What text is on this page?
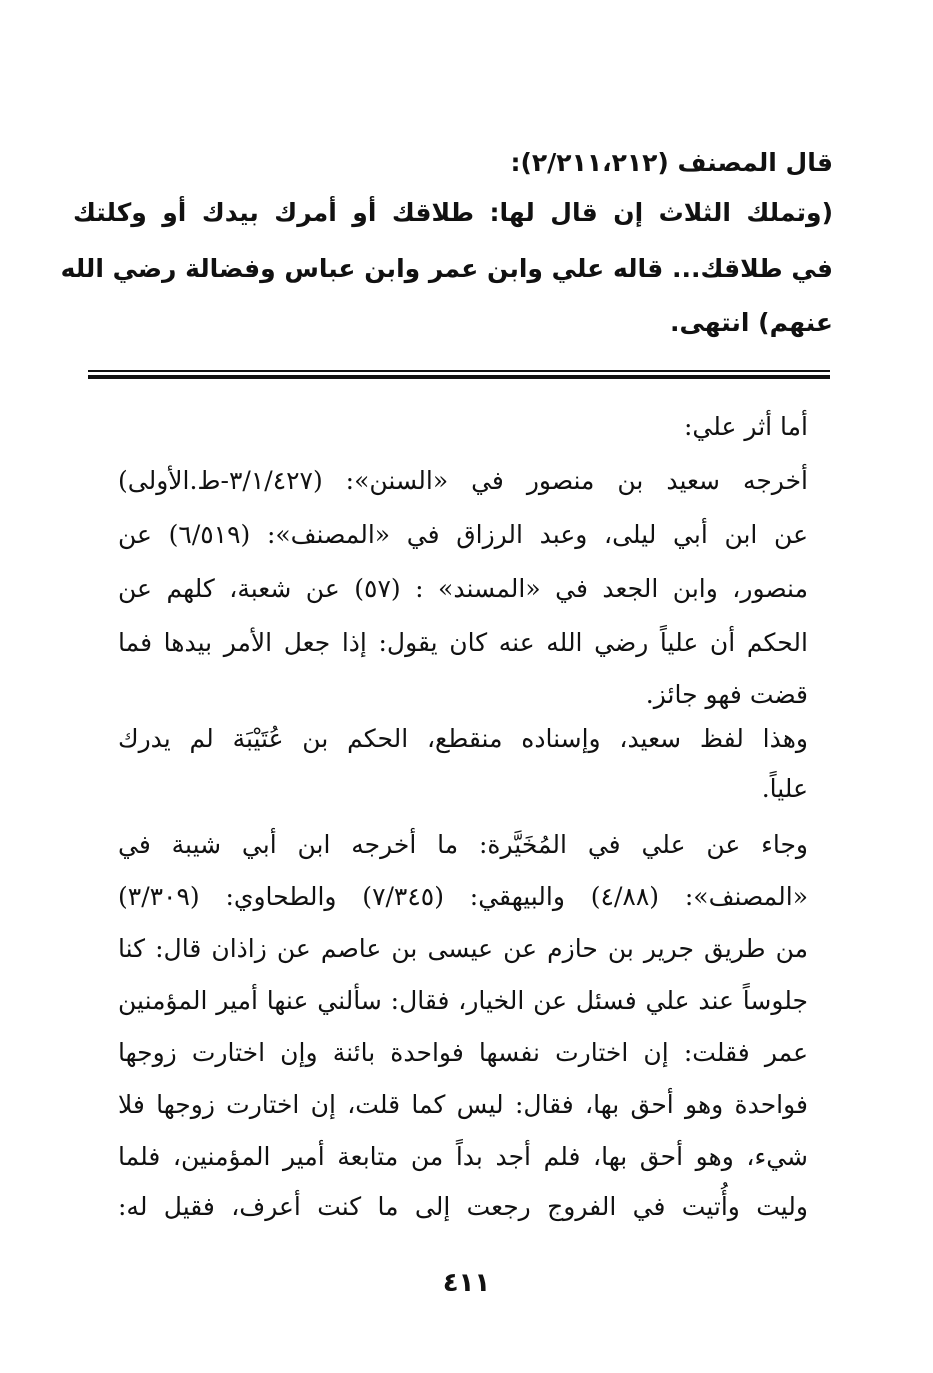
قال المصنف (٢/٢١١،٢١٢):
(وتملك الثلاث إن قال لها: طلاقك أو أمرك بيدك أو وكلتك
في طلاقك... قاله علي وابن عمر وابن عباس وفضالة رضي الله
عنهم) انتهى.
أما أثر علي:
أخرجه سعيد بن منصور في «السنن»: (٣/١/٤٢٧-ط.الأولى)
عن ابن أبي ليلى، وعبد الرزاق في «المصنف»: (٦/٥١٩) عن
منصور، وابن الجعد في «المسند» : (٥٧) عن شعبة، كلهم عن
الحكم أن علياً رضي الله عنه كان يقول: إذا جعل الأمر بيدها فما
قضت فهو جائز.
وهذا لفظ سعيد، وإسناده منقطع، الحكم بن عُتَيْبَة لم يدرك
علياً.
وجاء عن علي في المُخَيَّرة: ما أخرجه ابن أبي شيبة في
«المصنف»: (٤/٨٨) والبيهقي: (٧/٣٤٥) والطحاوي: (٣/٣٠٩)
من طريق جرير بن حازم عن عيسى بن عاصم عن زاذان قال: كنا
جلوساً عند علي فسئل عن الخيار، فقال: سألني عنها أمير المؤمنين
عمر فقلت: إن اختارت نفسها فواحدة بائنة وإن اختارت زوجها
فواحدة وهو أحق بها، فقال: ليس كما قلت، إن اختارت زوجها فلا
شيء، وهو أحق بها، فلم أجد بداً من متابعة أمير المؤمنين، فلما
وليت وأُتيت في الفروج رجعت إلى ما كنت أعرف، فقيل له:
٤١١
